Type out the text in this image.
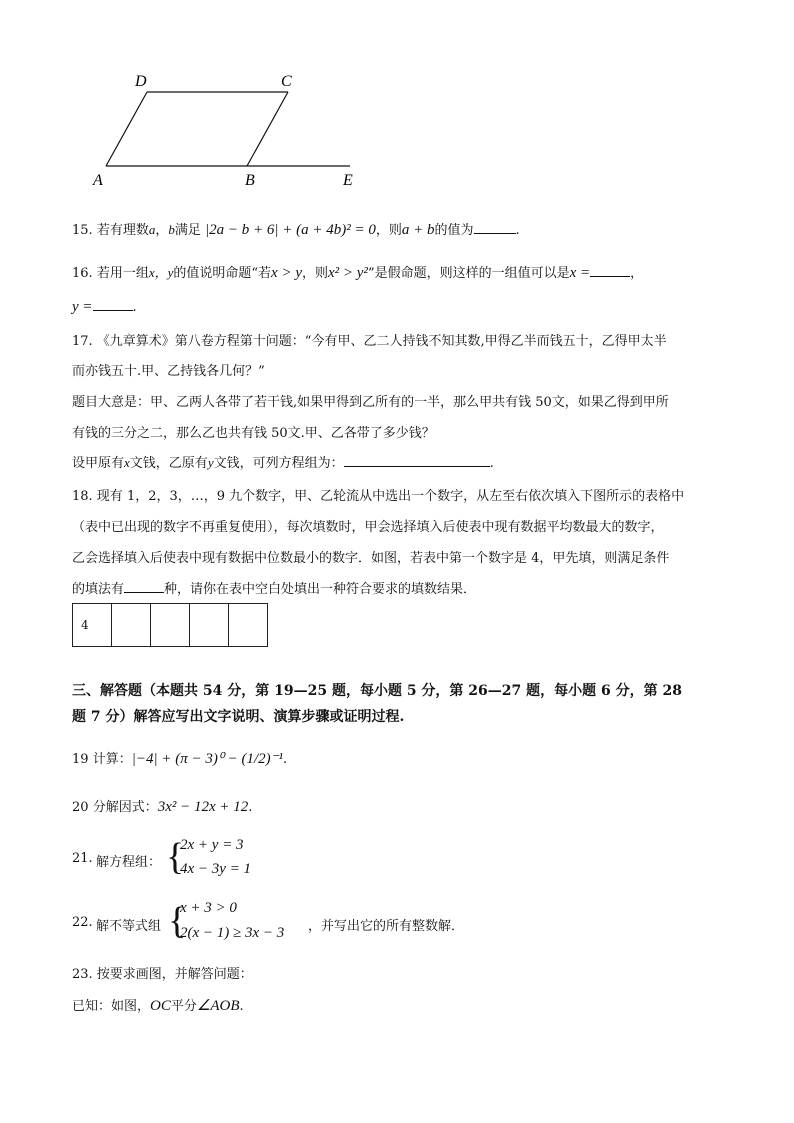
D	C
A	B	E
15. 若有理数a，b满足 |2a − b + 6| + (a + 4b)² = 0，则a + b的值为	.
16. 若用一组x，y的值说明命题“若x > y，则x² > y²”是假命题，则这样的一组值可以是x =	，
y =	.
17. 《九章算术》第八卷方程第十问题：“今有甲、乙二人持钱不知其数,甲得乙半而钱五十，乙得甲太半
而亦钱五十.甲、乙持钱各几何？”
题目大意是：甲、乙两人各带了若干钱,如果甲得到乙所有的一半，那么甲共有钱 50文，如果乙得到甲所
有钱的三分之二，那么乙也共有钱 50文.甲、乙各带了多少钱？
设甲原有x文钱，乙原有y文钱，可列方程组为：	.
18. 现有 1，2，3，…，9 九个数字，甲、乙轮流从中选出一个数字，从左至右依次填入下图所示的表格中
（表中已出现的数字不再重复使用），每次填数时，甲会选择填入后使表中现有数据平均数最大的数字，
乙会选择填入后使表中现有数据中位数最小的数字．如图，若表中第一个数字是 4，甲先填，则满足条件
的填法有	种，请你在表中空白处填出一种符合要求的填数结果．
4				
三、解答题（本题共 54 分，第 19—25 题，每小题 5 分，第 26—27 题，每小题 6 分，第 28
题 7 分）解答应写出文字说明、演算步骤或证明过程.
19 计算：|−4| + (π − 3)⁰ − (1/2)⁻¹.
20 分解因式：3x² − 12x + 12.
21. 解方程组： {
2x + y = 3
4x − 3y = 1
22. 解不等式组 {
x + 3 > 0
2(x − 1) ≥ 3x − 3 ，并写出它的所有整数解．
23. 按要求画图，并解答问题：
已知：如图，OC平分∠AOB.
